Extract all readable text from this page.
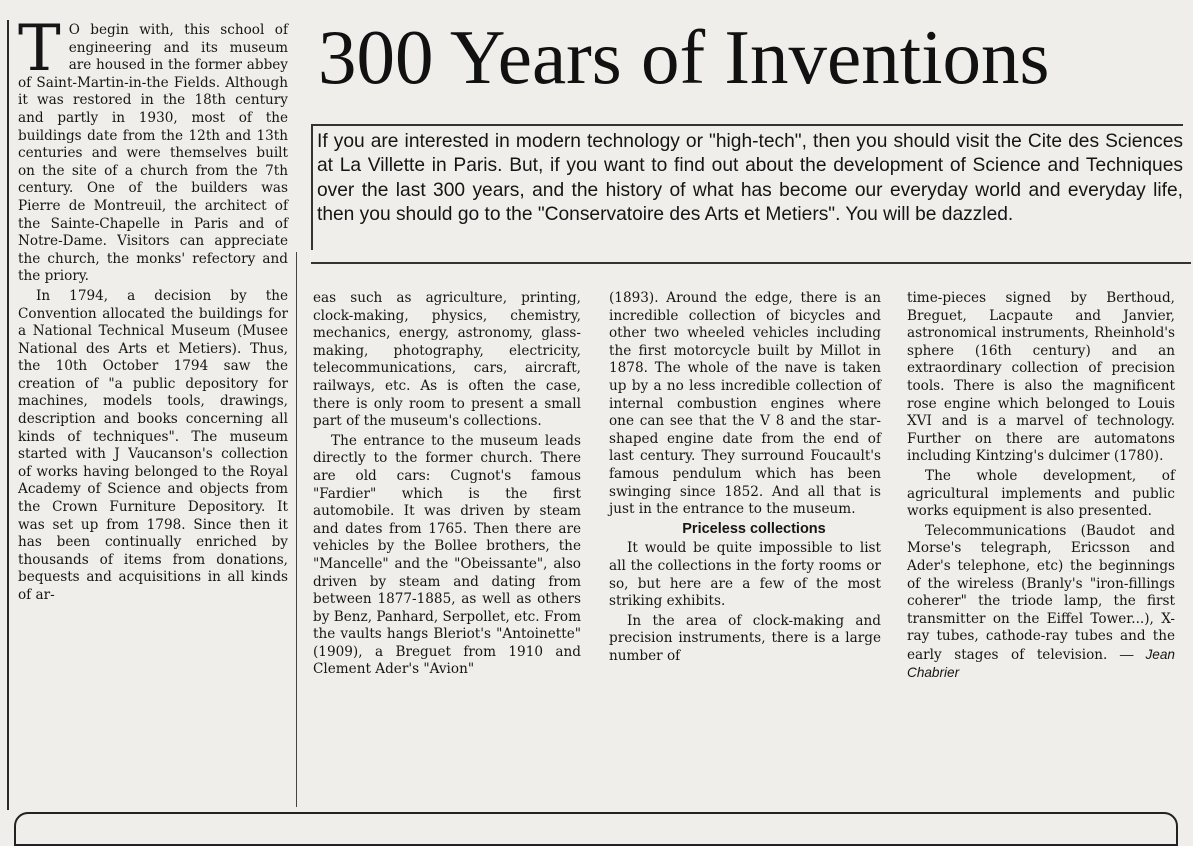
T O begin with, this school of engineering and its museum are housed in the former abbey of Saint-Martin-in-the Fields. Although it was restored in the 18th century and partly in 1930, most of the buildings date from the 12th and 13th centuries and were themselves built on the site of a church from the 7th century. One of the builders was Pierre de Montreuil, the architect of the Sainte-Chapelle in Paris and of Notre-Dame. Visitors can appreciate the church, the monks' refectory and the priory.

In 1794, a decision by the Convention allocated the buildings for a National Technical Museum (Musee National des Arts et Metiers). Thus, the 10th October 1794 saw the creation of "a public depository for machines, models tools, drawings, description and books concerning all kinds of techniques". The museum started with J Vaucanson's collection of works having belonged to the Royal Academy of Science and objects from the Crown Furniture Depository. It was set up from 1798. Since then it has been continually enriched by thousands of items from donations, bequests and acquisitions in all kinds of ar-

300 Years of Inventions
If you are interested in modern technology or "high-tech", then you should visit the Cite des Sciences at La Villette in Paris. But, if you want to find out about the development of Science and Techniques over the last 300 years, and the history of what has become our everyday world and everyday life, then you should go to the "Conservatoire des Arts et Metiers". You will be dazzled.

eas such as agriculture, printing, clock-making, physics, chemistry, mechanics, energy, astronomy, glass-making, photography, electricity, telecommunications, cars, aircraft, railways, etc. As is often the case, there is only room to present a small part of the museum's collections.

The entrance to the museum leads directly to the former church. There are old cars: Cugnot's famous "Fardier" which is the first automobile. It was driven by steam and dates from 1765. Then there are vehicles by the Bollee brothers, the "Mancelle" and the "Obeissante", also driven by steam and dating from between 1877-1885, as well as others by Benz, Panhard, Serpollet, etc. From the vaults hangs Bleriot's "Antoinette" (1909), a Breguet from 1910 and Clement Ader's "Avion"

(1893). Around the edge, there is an incredible collection of bicycles and other two wheeled vehicles including the first motorcycle built by Millot in 1878. The whole of the nave is taken up by a no less incredible collection of internal combustion engines where one can see that the V 8 and the star-shaped engine date from the end of last century. They surround Foucault's famous pendulum which has been swinging since 1852. And all that is just in the entrance to the museum.

Priceless collections

It would be quite impossible to list all the collections in the forty rooms or so, but here are a few of the most striking exhibits.

In the area of clock-making and precision instruments, there is a large number of

time-pieces signed by Berthoud, Breguet, Lacpaute and Janvier, astronomical instruments, Rheinhold's sphere (16th century) and an extraordinary collection of precision tools. There is also the magnificent rose engine which belonged to Louis XVI and is a marvel of technology. Further on there are automatons including Kintzing's dulcimer (1780).

The whole development, of agricultural implements and public works equipment is also presented.

Telecommunications (Baudot and Morse's telegraph, Ericsson and Ader's telephone, etc) the beginnings of the wireless (Branly's "iron-fillings coherer" the triode lamp, the first transmitter on the Eiffel Tower...), X-ray tubes, cathode-ray tubes and the early stages of television. — Jean Chabrier
